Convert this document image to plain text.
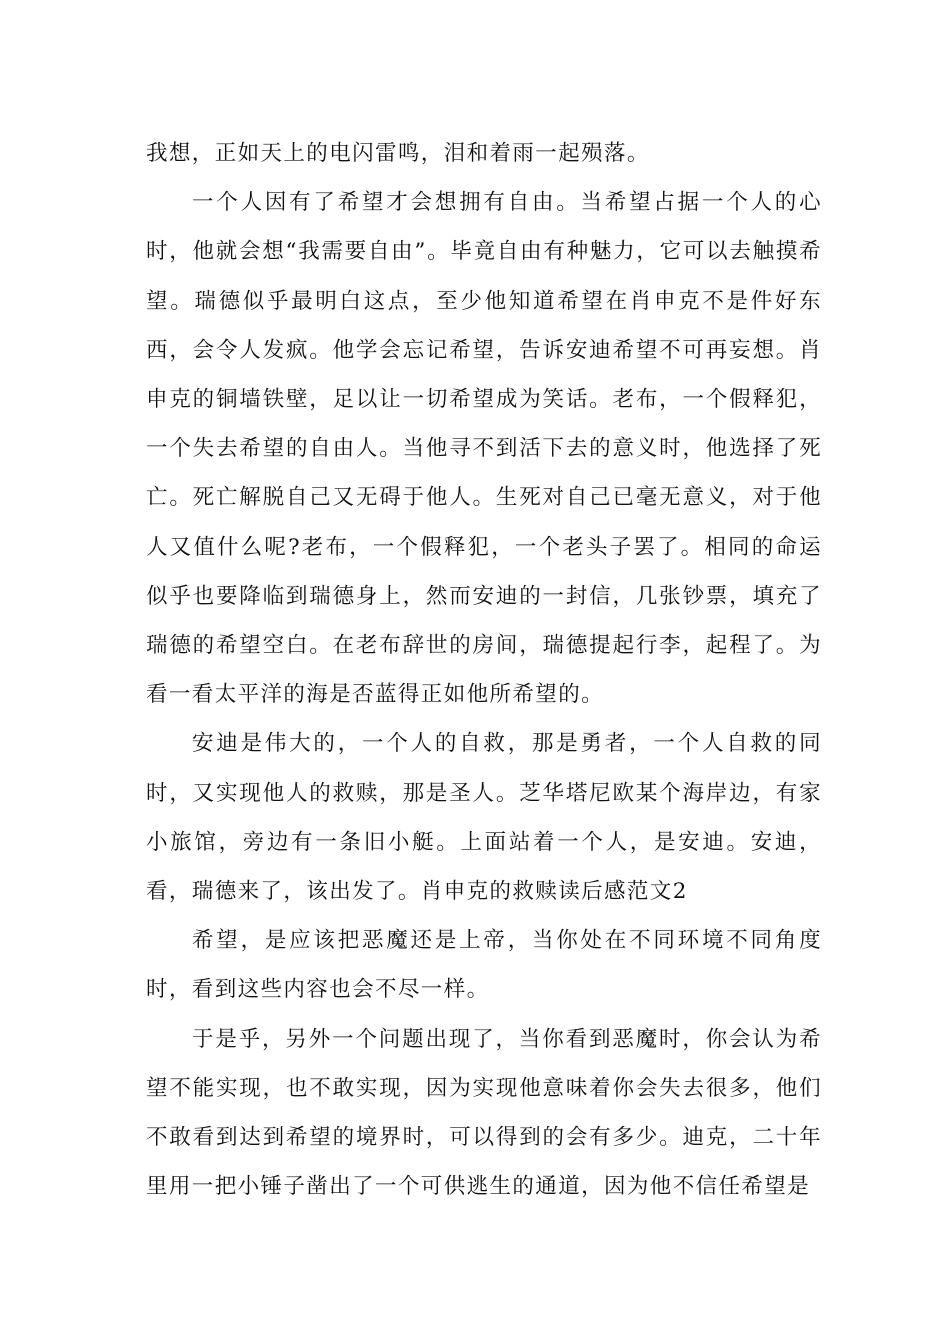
我想，正如天上的电闪雷鸣，泪和着雨一起殒落。

一个人因有了希望才会想拥有自由。当希望占据一个人的心时，他就会想“我需要自由”。毕竟自由有种魅力，它可以去触摸希望。瑞德似乎最明白这点，至少他知道希望在肖申克不是件好东西，会令人发疯。他学会忘记希望，告诉安迪希望不可再妄想。肖申克的铜墙铁壁，足以让一切希望成为笑话。老布，一个假释犯，一个失去希望的自由人。当他寻不到活下去的意义时，他选择了死亡。死亡解脱自己又无碍于他人。生死对自己已毫无意义，对于他人又值什么呢?老布，一个假释犯，一个老头子罢了。相同的命运似乎也要降临到瑞德身上，然而安迪的一封信，几张钞票，填充了瑞德的希望空白。在老布辞世的房间，瑞德提起行李，起程了。为看一看太平洋的海是否蓝得正如他所希望的。

安迪是伟大的，一个人的自救，那是勇者，一个人自救的同时，又实现他人的救赎，那是圣人。芝华塔尼欧某个海岸边，有家小旅馆，旁边有一条旧小艇。上面站着一个人，是安迪。安迪，看，瑞德来了，该出发了。肖申克的救赎读后感范文2

希望，是应该把恶魔还是上帝，当你处在不同环境不同角度时，看到这些内容也会不尽一样。

于是乎，另外一个问题出现了，当你看到恶魔时，你会认为希望不能实现，也不敢实现，因为实现他意味着你会失去很多，他们不敢看到达到希望的境界时，可以得到的会有多少。迪克，二十年里用一把小锤子凿出了一个可供逃生的通道，因为他不信任希望是
